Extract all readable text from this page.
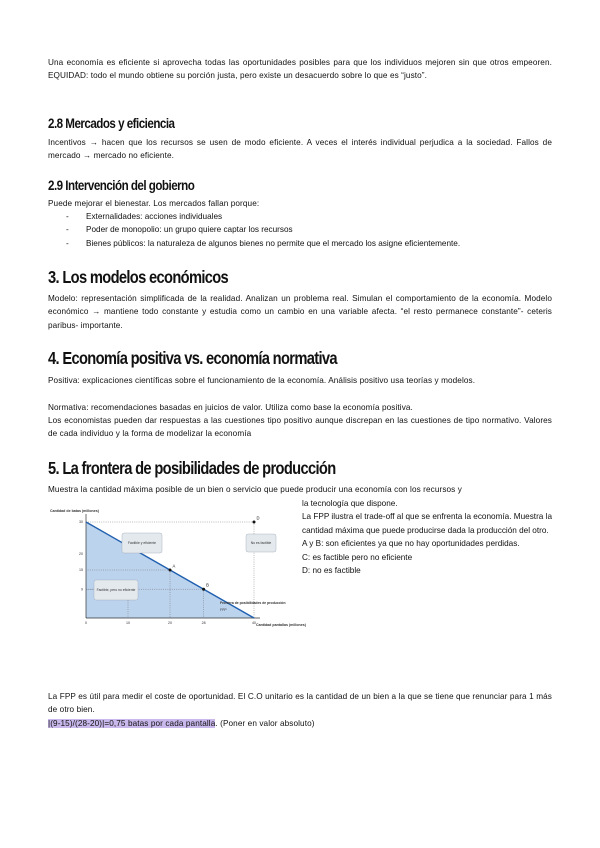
Una economía es eficiente si aprovecha todas las oportunidades posibles para que los individuos mejoren sin que otros empeoren. EQUIDAD: todo el mundo obtiene su porción justa, pero existe un desacuerdo sobre lo que es “justo”.

2.8 Mercados y eficiencia

Incentivos → hacen que los recursos se usen de modo eficiente. A veces el interés individual perjudica a la sociedad. Fallos de mercado → mercado no eficiente.

2.9 Intervención del gobierno

Puede mejorar el bienestar. Los mercados fallan porque:

-	Externalidades: acciones individuales
-	Poder de monopolio: un grupo quiere captar los recursos
-	Bienes públicos: la naturaleza de algunos bienes no permite que el mercado los asigne eficientemente.
3. Los modelos económicos

Modelo: representación simplificada de la realidad. Analizan un problema real. Simulan el comportamiento de la economía. Modelo económico → mantiene todo constante y estudia como un cambio en una variable afecta. “el resto permanece constante”- ceteris paribus- importante.

4. Economía positiva vs. economía normativa

Positiva: explicaciones científicas sobre el funcionamiento de la economía. Análisis positivo usa teorías y modelos.

Normativa: recomendaciones basadas en juicios de valor. Utiliza como base la economía positiva.

Los economistas pueden dar respuestas a las cuestiones tipo positivo aunque discrepan en las cuestiones de tipo normativo. Valores de cada individuo y la forma de modelizar la economía

5. La frontera de posibilidades de producción

Muestra la cantidad máxima posible de un bien o servicio que puede producir una economía con los recursos y

Cantidad de batas (millones)
Cantidad pantallas (millones)
30
20
15
9
0	10	20	28	40
A
B
D
Factible y eficiente	No es factible
Factible, pero no eficiente
Frontera de posibilidades de producción
FPP

la tecnología que dispone.

La FPP ilustra el trade-off al que se enfrenta la economía. Muestra la cantidad máxima que puede producirse dada la producción del otro.

A y B: son eficientes ya que no hay oportunidades perdidas.

C: es factible pero no eficiente

D: no es factible

La FPP es útil para medir el coste de oportunidad. El C.O unitario es la cantidad de un bien a la que se tiene que renunciar para 1 más de otro bien.

|(9-15)/(28-20)|=0,75 batas por cada pantalla. (Poner en valor absoluto)
